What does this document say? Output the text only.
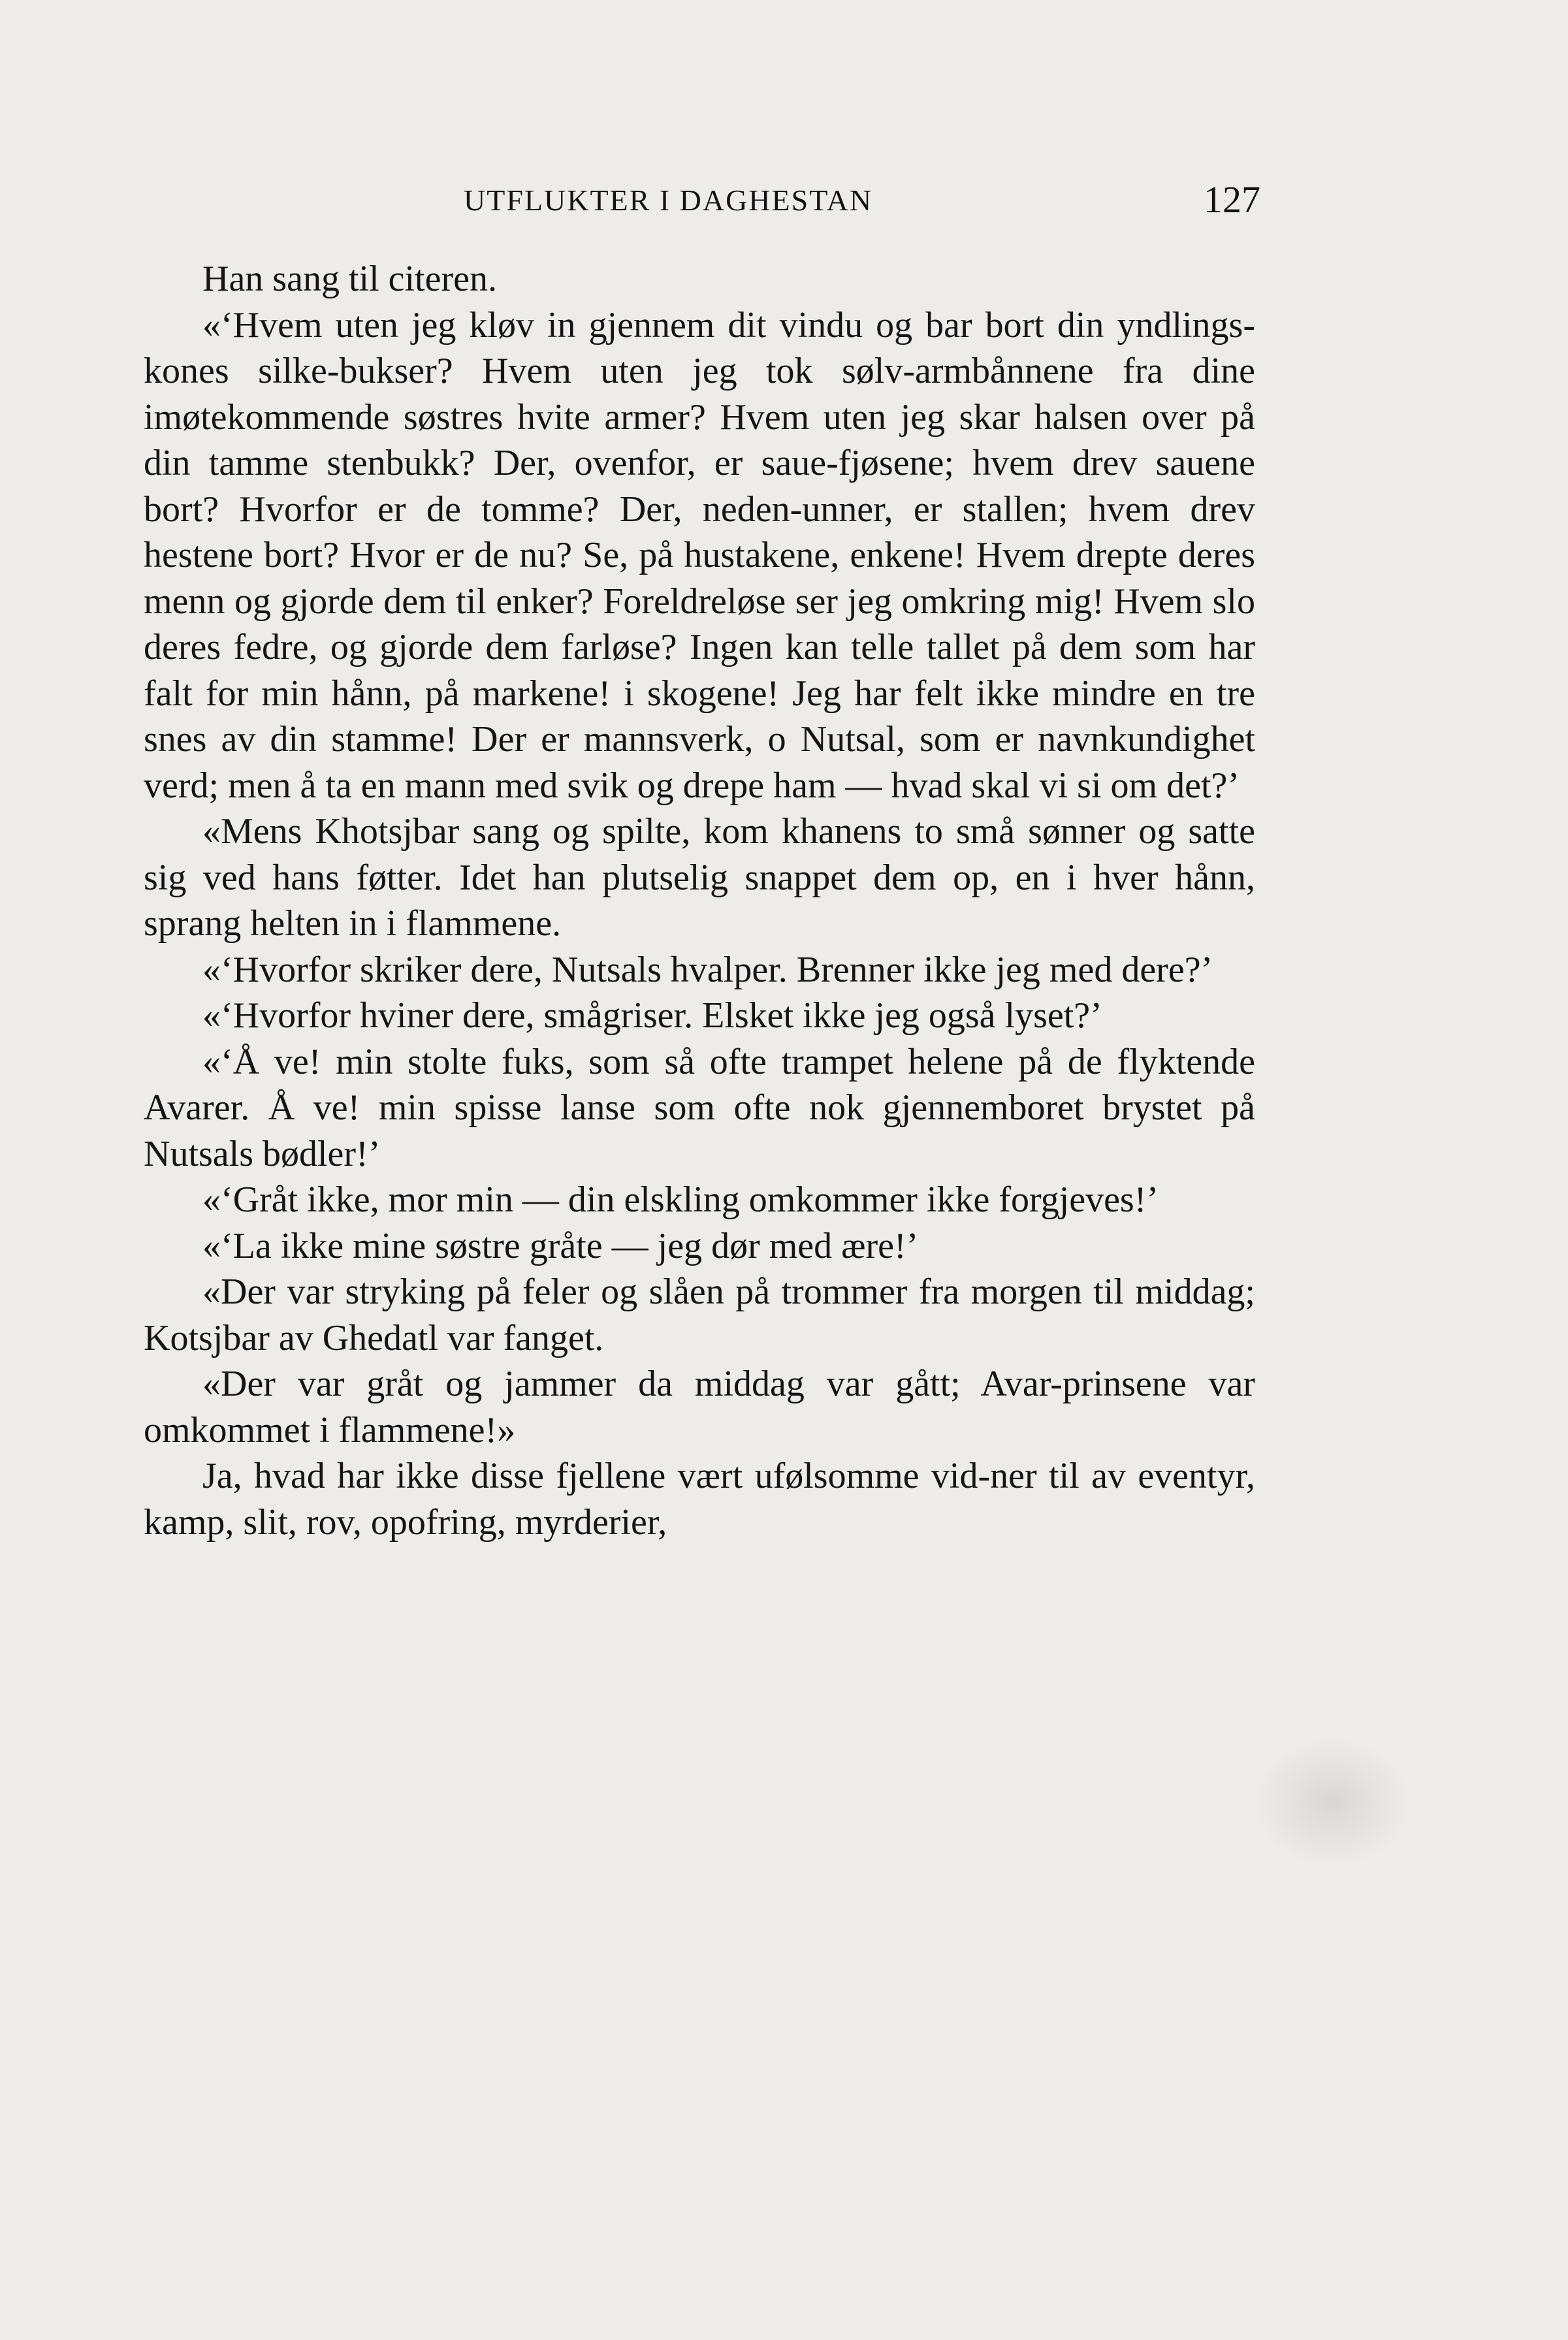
UTFLUKTER I DAGHESTAN	127

Han sang til citeren.

«‘Hvem uten jeg kløv in gjennem dit vindu og bar bort din yndlings-kones silke-bukser? Hvem uten jeg tok sølv-armbånnene fra dine imøtekommende søstres hvite armer? Hvem uten jeg skar halsen over på din tamme stenbukk? Der, ovenfor, er saue-fjøsene; hvem drev sauene bort? Hvorfor er de tomme? Der, neden-unner, er stallen; hvem drev hestene bort? Hvor er de nu? Se, på hustakene, enkene! Hvem drepte deres menn og gjorde dem til enker? Foreldreløse ser jeg omkring mig! Hvem slo deres fedre, og gjorde dem farløse? Ingen kan telle tallet på dem som har falt for min hånn, på markene! i skogene! Jeg har felt ikke mindre en tre snes av din stamme! Der er mannsverk, o Nutsal, som er navnkundighet verd; men å ta en mann med svik og drepe ham — hvad skal vi si om det?’

«Mens Khotsjbar sang og spilte, kom khanens to små sønner og satte sig ved hans føtter. Idet han plutselig snappet dem op, en i hver hånn, sprang helten in i flammene.

«‘Hvorfor skriker dere, Nutsals hvalper. Brenner ikke jeg med dere?’

«‘Hvorfor hviner dere, smågriser. Elsket ikke jeg også lyset?’

«‘Å ve! min stolte fuks, som så ofte trampet helene på de flyktende Avarer. Å ve! min spisse lanse som ofte nok gjennemboret brystet på Nutsals bødler!’

«‘Gråt ikke, mor min — din elskling omkommer ikke forgjeves!’

«‘La ikke mine søstre gråte — jeg dør med ære!’

«Der var stryking på feler og slåen på trommer fra morgen til middag; Kotsjbar av Ghedatl var fanget.

«Der var gråt og jammer da middag var gått; Avar-prinsene var omkommet i flammene!»

Ja, hvad har ikke disse fjellene vært ufølsomme vid-ner til av eventyr, kamp, slit, rov, opofring, myrderier,
